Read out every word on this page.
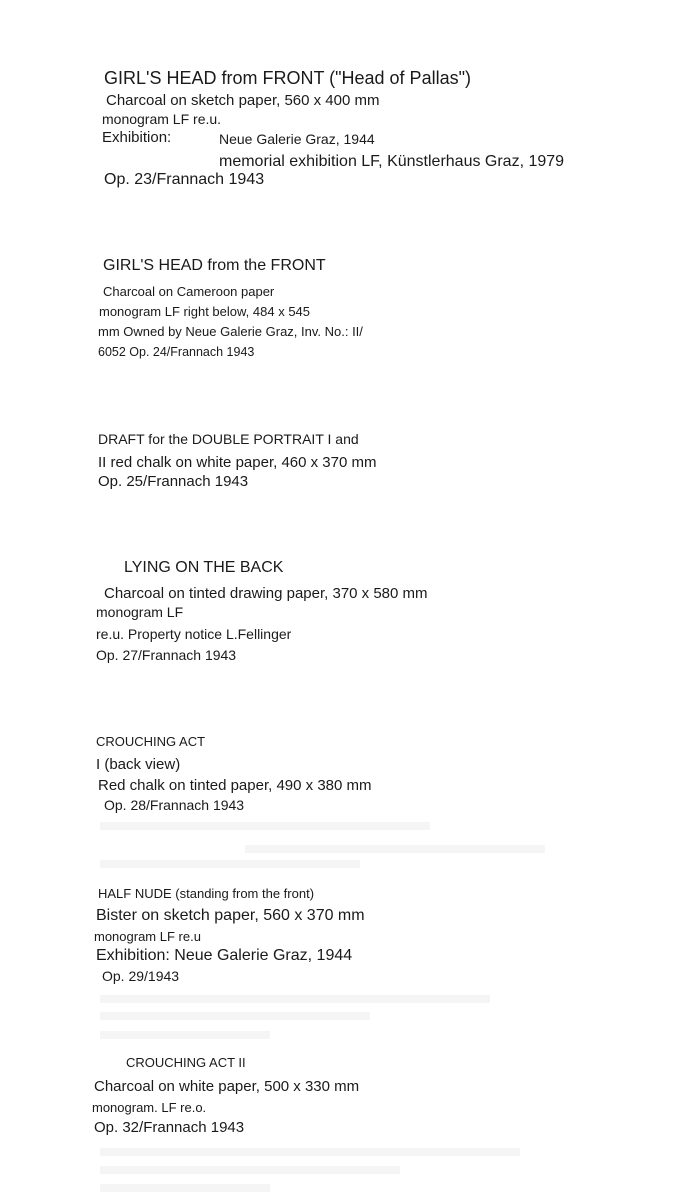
GIRL'S HEAD from FRONT ("Head of Pallas")
Charcoal on sketch paper, 560 x 400 mm
monogram LF re.u.
Exhibition:	Neue Galerie Graz, 1944
memorial exhibition LF, Künstlerhaus Graz, 1979
Op. 23/Frannach 1943
GIRL'S HEAD from the FRONT
Charcoal on Cameroon paper
monogram LF right below, 484 x 545
mm Owned by Neue Galerie Graz, Inv. No.: II/
6052 Op. 24/Frannach 1943
DRAFT for the DOUBLE PORTRAIT I and
II red chalk on white paper, 460 x 370 mm
Op. 25/Frannach 1943
LYING ON THE BACK
Charcoal on tinted drawing paper, 370 x 580 mm
monogram LF
re.u. Property notice L.Fellinger
Op. 27/Frannach 1943
CROUCHING ACT
I (back view)
Red chalk on tinted paper, 490 x 380 mm
Op. 28/Frannach 1943
HALF NUDE (standing from the front)
Bister on sketch paper, 560 x 370 mm
monogram LF re.u
Exhibition: Neue Galerie Graz, 1944
Op. 29/1943
CROUCHING ACT II
Charcoal on white paper, 500 x 330 mm
monogram. LF re.o.
Op. 32/Frannach 1943
